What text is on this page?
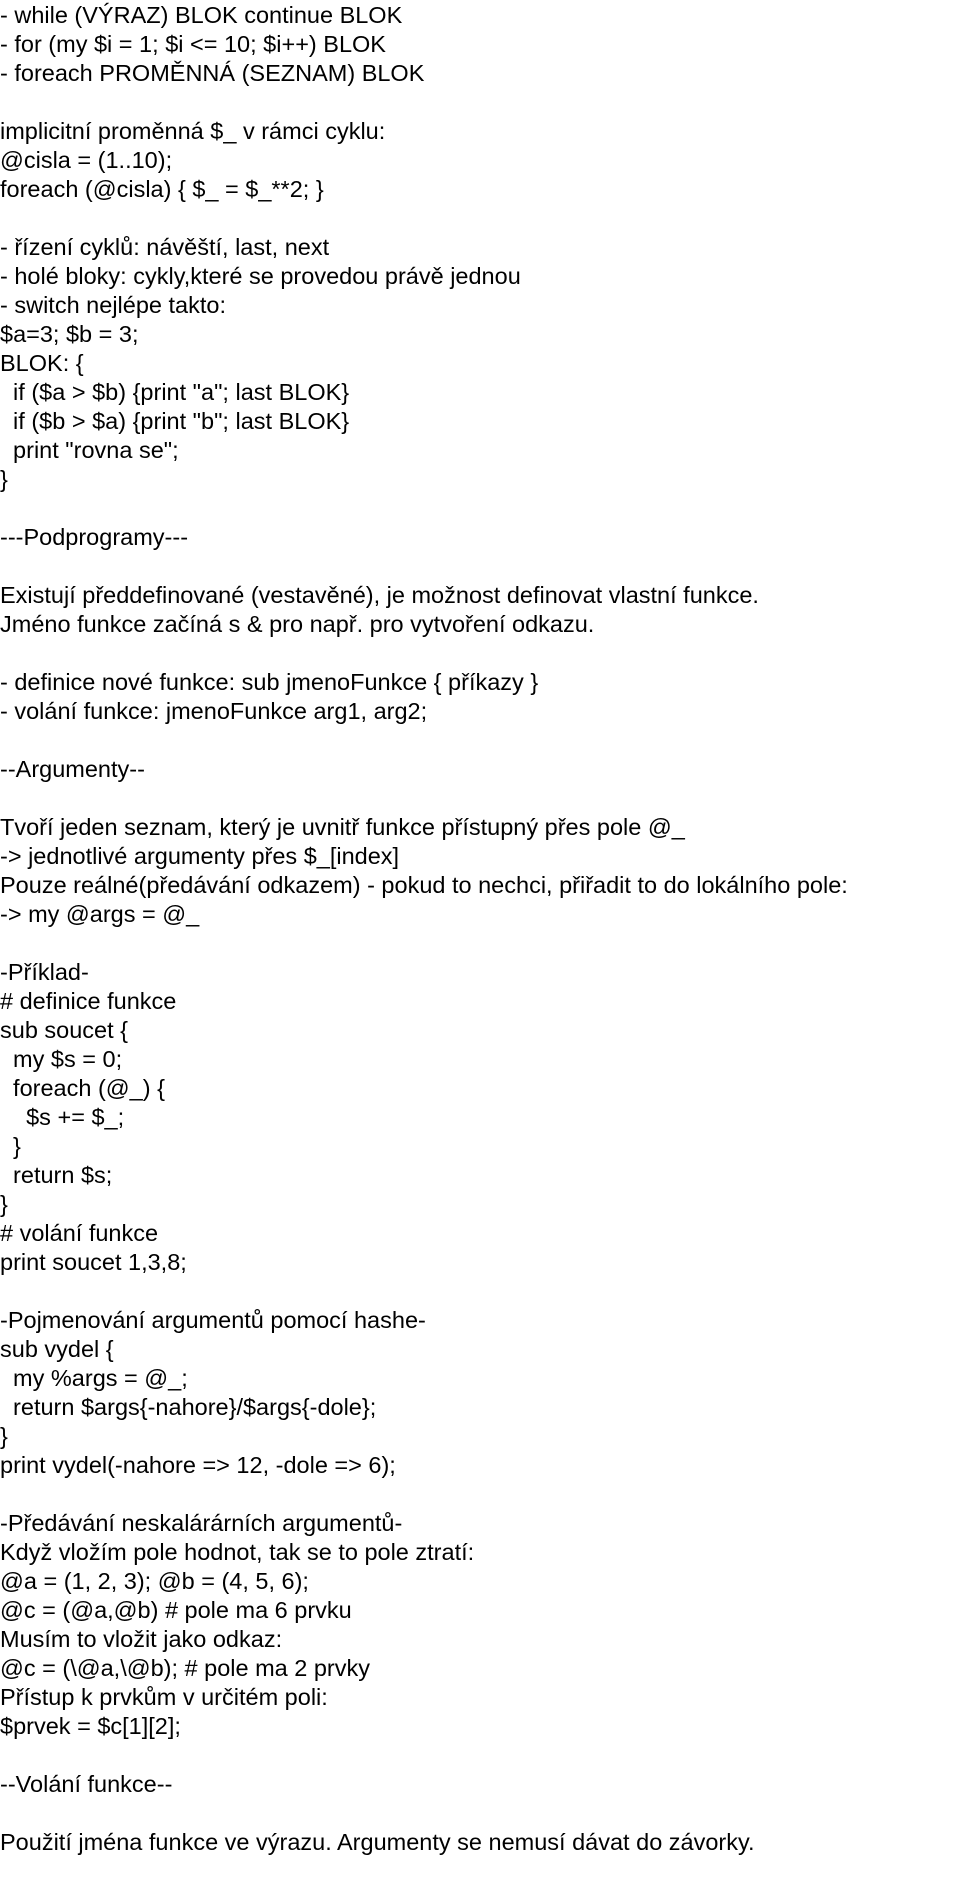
- while (VÝRAZ) BLOK continue BLOK
- for (my $i = 1; $i <= 10; $i++) BLOK
- foreach PROMĚNNÁ (SEZNAM) BLOK
implicitní proměnná $_ v rámci cyklu:
@cisla = (1..10);
foreach (@cisla) { $_ = $_**2; }
- řízení cyklů: návěští, last, next
- holé bloky: cykly,které se provedou právě jednou
- switch nejlépe takto:
$a=3; $b = 3;
BLOK: {
if ($a > $b) {print "a"; last BLOK}
if ($b > $a) {print "b"; last BLOK}
print "rovna se";
}
---Podprogramy---
Existují předdefinované (vestavěné), je možnost definovat vlastní funkce.
Jméno funkce začíná s & pro např. pro vytvoření odkazu.
- definice nové funkce: sub jmenoFunkce { příkazy }
- volání funkce: jmenoFunkce arg1, arg2;
--Argumenty--
Tvoří jeden seznam, který je uvnitř funkce přístupný přes pole @_
-> jednotlivé argumenty přes $_[index]
Pouze reálné(předávání odkazem) - pokud to nechci, přiřadit to do lokálního pole:
-> my @args = @_
-Příklad-
# definice funkce
sub soucet {
my $s = 0;
foreach (@_) {
$s += $_;
}
return $s;
}
# volání funkce
print soucet 1,3,8;
-Pojmenování argumentů pomocí hashe-
sub vydel {
my %args = @_;
return $args{-nahore}/$args{-dole};
}
print vydel(-nahore => 12, -dole => 6);
-Předávání neskalárárních argumentů-
Když vložím pole hodnot, tak se to pole ztratí:
@a = (1, 2, 3); @b = (4, 5, 6);
@c = (@a,@b) # pole ma 6 prvku
Musím to vložit jako odkaz:
@c = (\@a,\@b); # pole ma 2 prvky
Přístup k prvkům v určitém poli:
$prvek = $c[1][2];
--Volání funkce--
Použití jména funkce ve výrazu. Argumenty se nemusí dávat do závorky.
